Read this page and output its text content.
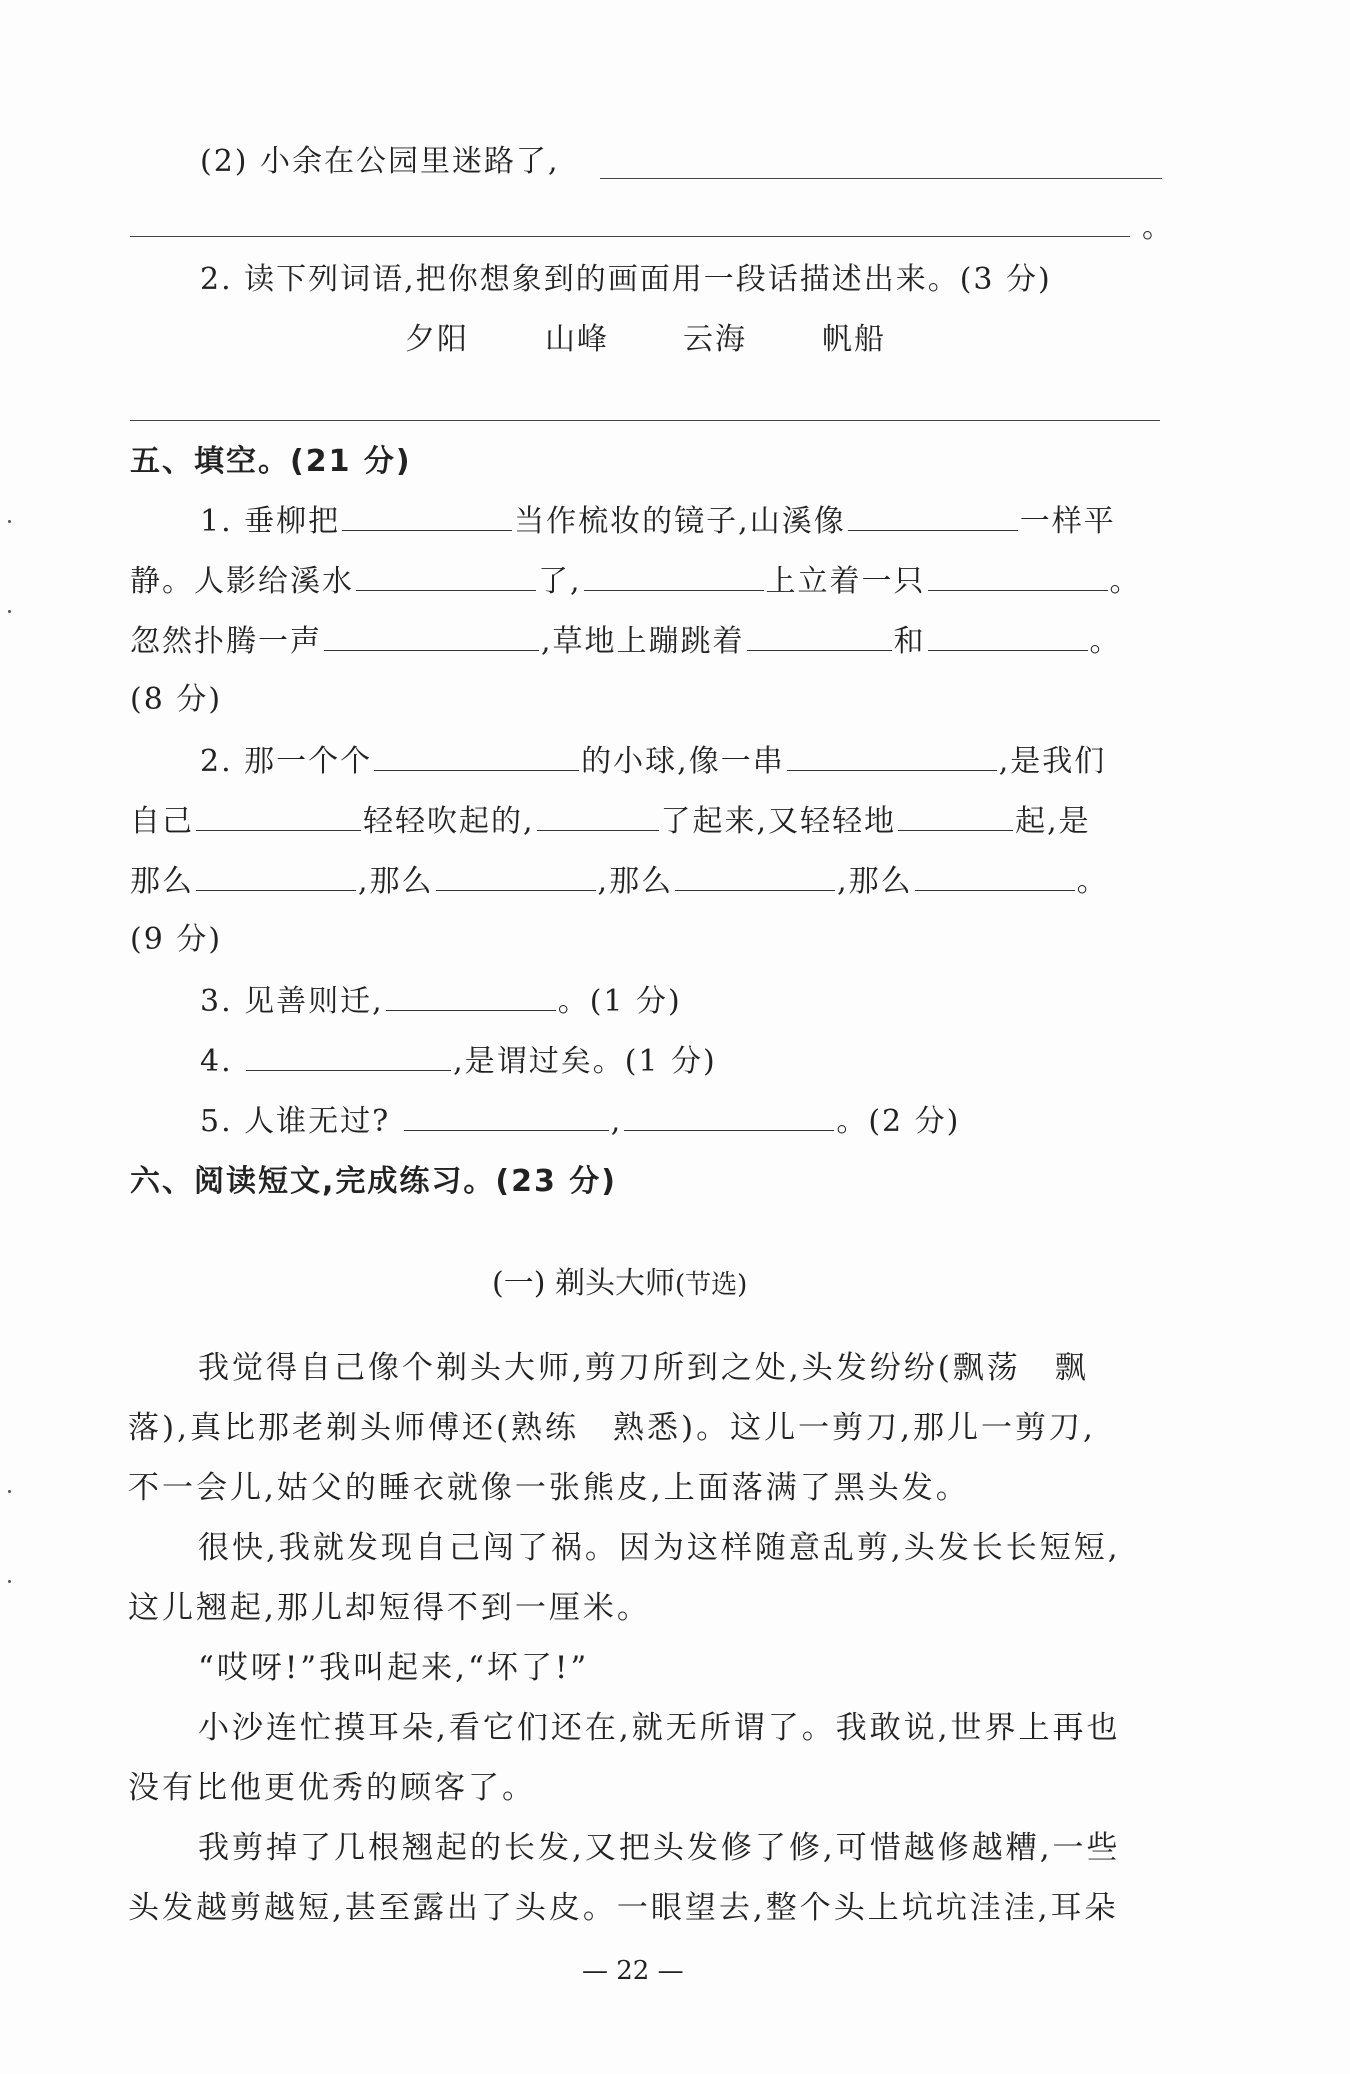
(2) 小余在公园里迷路了,
。
2. 读下列词语,把你想象到的画面用一段话描述出来。(3 分)
夕阳	山峰 云海	帆船
五、填空。(21 分)
1. 垂柳把	当作梳妆的镜子,山溪像	一样平
静。人影给溪水	了,	上立着一只	。
忽然扑腾一声	,草地上蹦跳着	和	。
(8 分)
2. 那一个个	的小球,像一串	,是我们
自己	轻轻吹起的,	了起来,又轻轻地	起,是
那么	,那么	,那么	,那么	。
(9 分)
3. 见善则迁,	。(1 分)
4.	,是谓过矣。(1 分)
5. 人谁无过?	,	。(2 分)
六、阅读短文,完成练习。(23 分)
(一) 剃头大师(节选)
我觉得自己像个剃头大师,剪刀所到之处,头发纷纷(飘荡　飘
落),真比那老剃头师傅还(熟练　熟悉)。这儿一剪刀,那儿一剪刀,
不一会儿,姑父的睡衣就像一张熊皮,上面落满了黑头发。
很快,我就发现自己闯了祸。因为这样随意乱剪,头发长长短短,
这儿翘起,那儿却短得不到一厘米。
“哎呀!”我叫起来,“坏了!”
小沙连忙摸耳朵,看它们还在,就无所谓了。我敢说,世界上再也
没有比他更优秀的顾客了。
我剪掉了几根翘起的长发,又把头发修了修,可惜越修越糟,一些
头发越剪越短,甚至露出了头皮。一眼望去,整个头上坑坑洼洼,耳朵
— 22 —
